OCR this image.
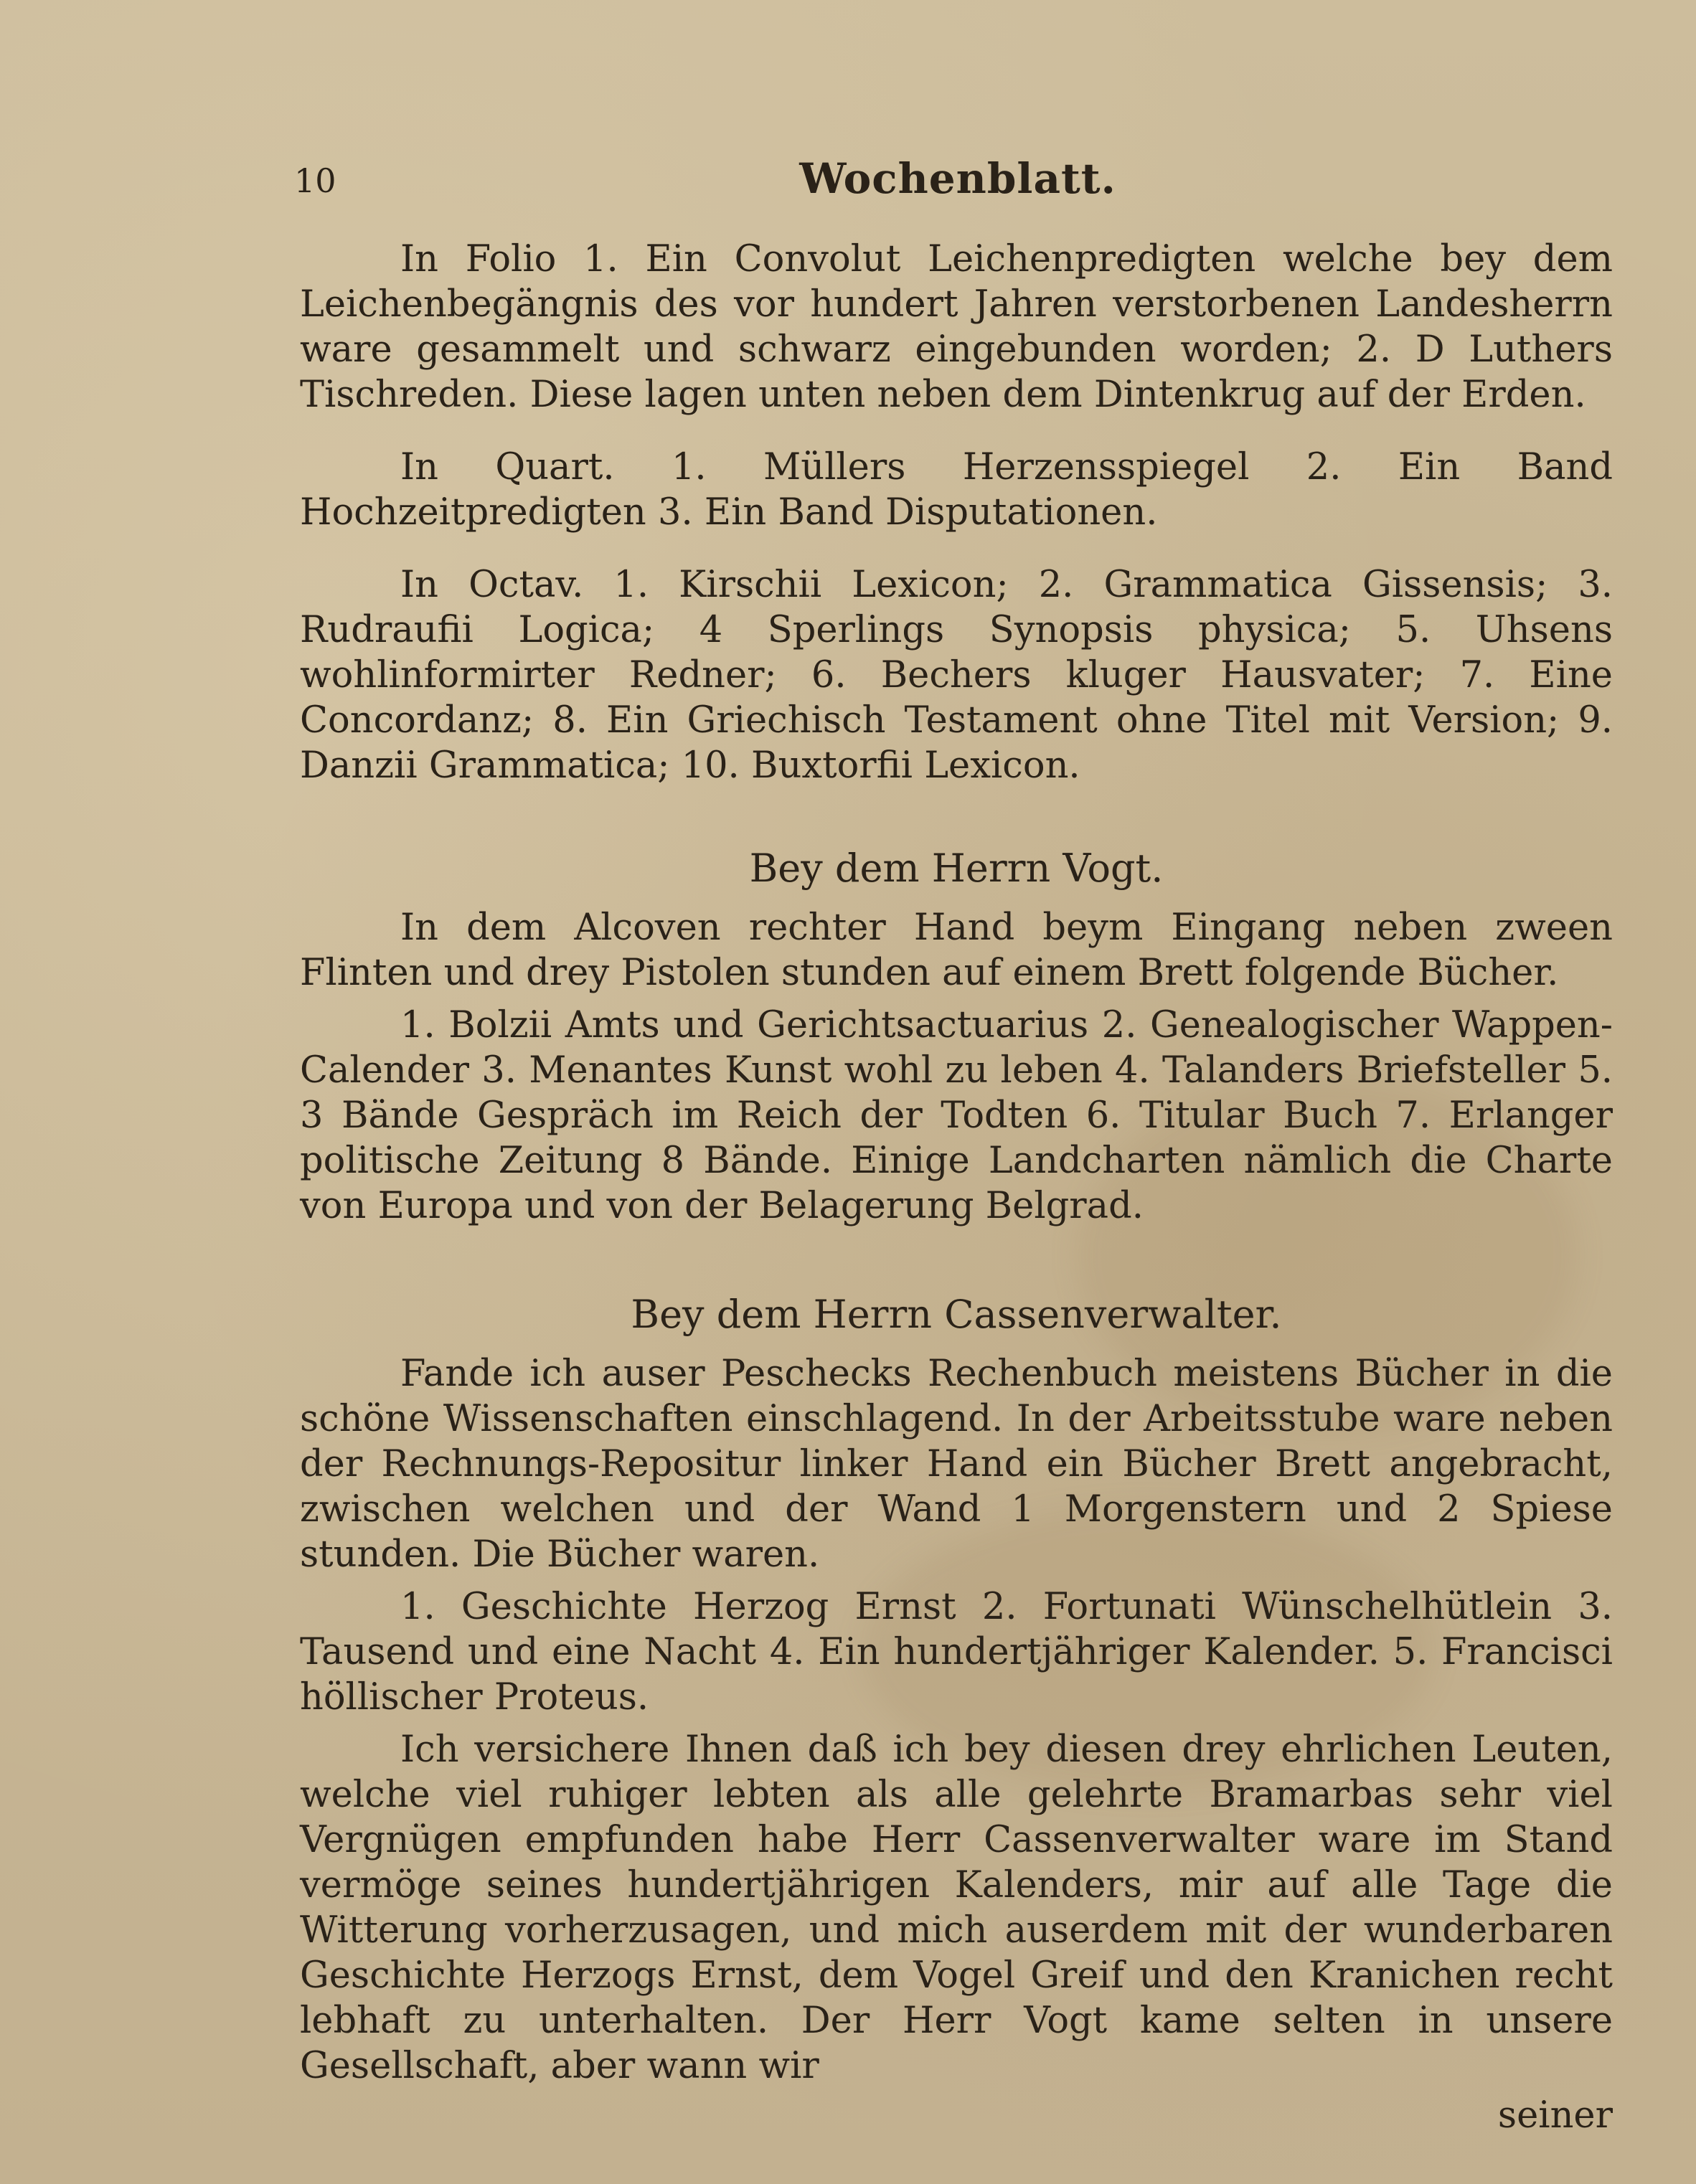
10	Wochenblatt.

In Folio 1. Ein Convolut Leichenpredigten welche bey dem Leichenbegängnis des vor hundert Jahren verstorbenen Landesherrn ware gesammelt und schwarz eingebunden worden; 2. D Luthers Tischreden. Diese lagen unten neben dem Dintenkrug auf der Erden.

In Quart. 1. Müllers Herzensspiegel 2. Ein Band Hochzeitpredigten 3. Ein Band Disputationen.

In Octav. 1. Kirschii Lexicon; 2. Grammatica Gissensis; 3. Rudraufii Logica; 4 Sperlings Synopsis physica; 5. Uhsens wohlinformirter Redner; 6. Bechers kluger Hausvater; 7. Eine Concordanz; 8. Ein Griechisch Testament ohne Titel mit Version; 9. Danzii Grammatica; 10. Buxtorfii Lexicon.

Bey dem Herrn Vogt.

In dem Alcoven rechter Hand beym Eingang neben zween Flinten und drey Pistolen stunden auf einem Brett folgende Bücher.

1. Bolzii Amts und Gerichtsactuarius 2. Genealogischer Wappen-Calender 3. Menantes Kunst wohl zu leben 4. Talanders Briefsteller 5. 3 Bände Gespräch im Reich der Todten 6. Titular Buch 7. Erlanger politische Zeitung 8 Bände. Einige Landcharten nämlich die Charte von Europa und von der Belagerung Belgrad.

Bey dem Herrn Cassenverwalter.

Fande ich auser Peschecks Rechenbuch meistens Bücher in die schöne Wissenschaften einschlagend. In der Arbeitsstube ware neben der Rechnungs-Repositur linker Hand ein Bücher Brett angebracht, zwischen welchen und der Wand 1 Morgenstern und 2 Spiese stunden. Die Bücher waren.

1. Geschichte Herzog Ernst 2. Fortunati Wünschelhütlein 3. Tausend und eine Nacht 4. Ein hundertjähriger Kalender. 5. Francisci höllischer Proteus.

Ich versichere Ihnen daß ich bey diesen drey ehrlichen Leuten, welche viel ruhiger lebten als alle gelehrte Bramarbas sehr viel Vergnügen empfunden habe Herr Cassenverwalter ware im Stand vermöge seines hundertjährigen Kalenders, mir auf alle Tage die Witterung vorherzusagen, und mich auserdem mit der wunderbaren Geschichte Herzogs Ernst, dem Vogel Greif und den Kranichen recht lebhaft zu unterhalten. Der Herr Vogt kame selten in unsere Gesellschaft, aber wann wir

seiner
